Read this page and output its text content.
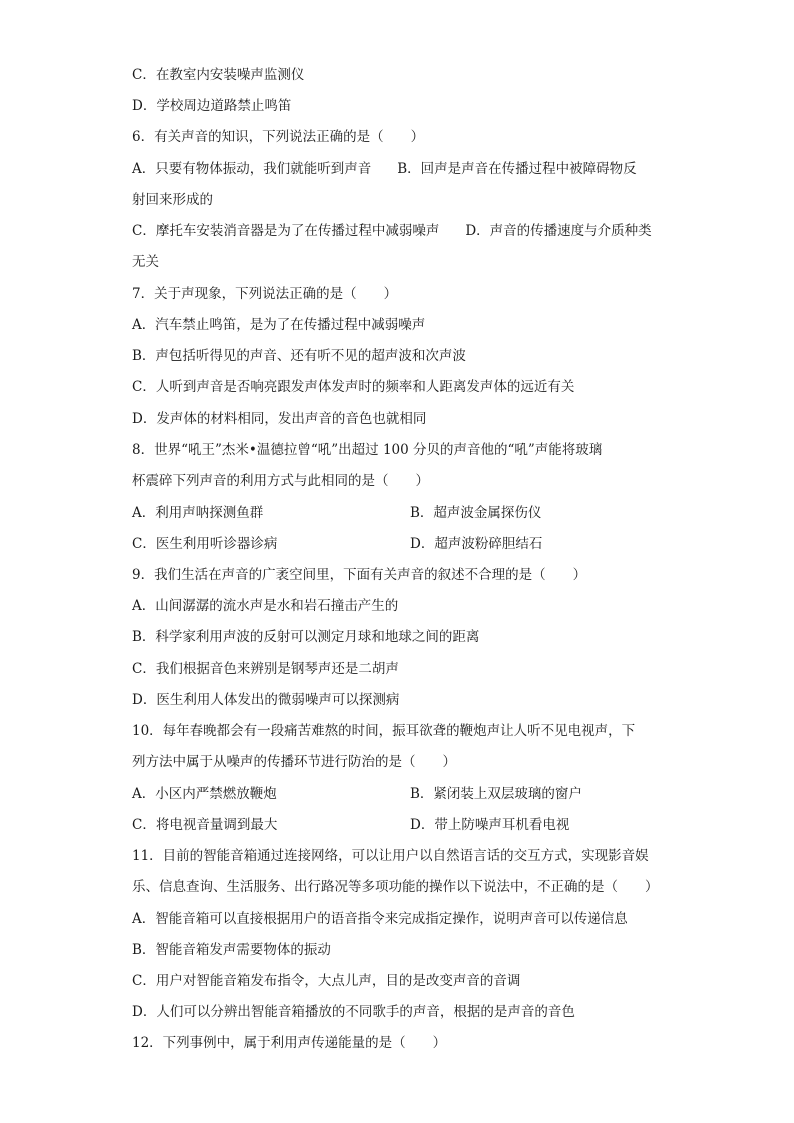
C．在教室内安装噪声监测仪
D．学校周边道路禁止鸣笛
6．有关声音的知识，下列说法正确的是（　　）
A．只要有物体振动，我们就能听到声音 B．回声是声音在传播过程中被障碍物反
射回来形成的
C．摩托车安装消音器是为了在传播过程中减弱噪声 D．声音的传播速度与介质种类
无关
7．关于声现象，下列说法正确的是（　　）
A．汽车禁止鸣笛，是为了在传播过程中减弱噪声
B．声包括听得见的声音、还有听不见的超声波和次声波
C．人听到声音是否响亮跟发声体发声时的频率和人距离发声体的远近有关
D．发声体的材料相同，发出声音的音色也就相同
8．世界“吼王”杰米•温德拉曾“吼”出超过 100 分贝的声音他的“吼”声能将玻璃
杯震碎下列声音的利用方式与此相同的是（　　）
A．利用声呐探测鱼群	B．超声波金属探伤仪
C．医生利用听诊器诊病	D．超声波粉碎胆结石
9．我们生活在声音的广袤空间里，下面有关声音的叙述不合理的是（　　）
A．山间潺潺的流水声是水和岩石撞击产生的
B．科学家利用声波的反射可以测定月球和地球之间的距离
C．我们根据音色来辨别是钢琴声还是二胡声
D．医生利用人体发出的微弱噪声可以探测病
10．每年春晚都会有一段痛苦难熬的时间，振耳欲聋的鞭炮声让人听不见电视声，下
列方法中属于从噪声的传播环节进行防治的是（　　）
A．小区内严禁燃放鞭炮	B．紧闭装上双层玻璃的窗户
C．将电视音量调到最大	D．带上防噪声耳机看电视
11．目前的智能音箱通过连接网络，可以让用户以自然语言话的交互方式，实现影音娱
乐、信息查询、生活服务、出行路况等多项功能的操作以下说法中，不正确的是（　　）
A．智能音箱可以直接根据用户的语音指令来完成指定操作，说明声音可以传递信息
B．智能音箱发声需要物体的振动
C．用户对智能音箱发布指令，大点儿声，目的是改变声音的音调
D．人们可以分辨出智能音箱播放的不同歌手的声音，根据的是声音的音色
12．下列事例中，属于利用声传递能量的是（　　）
